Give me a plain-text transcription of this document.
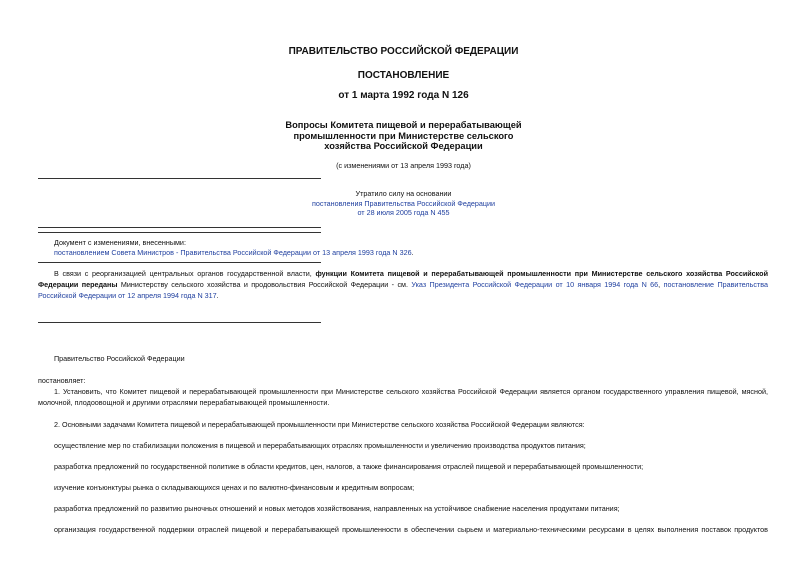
ПРАВИТЕЛЬСТВО РОССИЙСКОЙ ФЕДЕРАЦИИ
ПОСТАНОВЛЕНИЕ
от 1 марта 1992 года N 126
Вопросы Комитета пищевой и перерабатывающей
промышленности при Министерстве сельского
хозяйства Российской Федерации
(с изменениями от 13 апреля 1993 года)
Утратило силу на основании
постановления Правительства Российской Федерации
от 28 июля 2005 года N 455
Документ с изменениями, внесенными:
постановлением Совета Министров - Правительства Российской Федерации от 13 апреля 1993 года N 326.
В связи с реорганизацией центральных органов государственной власти, функции Комитета пищевой и перерабатывающей промышленности при Министерстве сельского хозяйства Российской Федерации переданы Министерству сельского хозяйства и продовольствия Российской Федерации - см. Указ Президента Российской Федерации от 10 января 1994 года N 66, постановление Правительства Российской Федерации от 12 апреля 1994 года N 317.
Правительство Российской Федерации
постановляет:
1. Установить, что Комитет пищевой и перерабатывающей промышленности при Министерстве сельского хозяйства Российской Федерации является органом государственного управления пищевой, мясной, молочной, плодоовощной и другими отраслями перерабатывающей промышленности.
2. Основными задачами Комитета пищевой и перерабатывающей промышленности при Министерстве сельского хозяйства Российской Федерации являются:
осуществление мер по стабилизации положения в пищевой и перерабатывающих отраслях промышленности и увеличению производства продуктов питания;
разработка предложений по государственной политике в области кредитов, цен, налогов, а также финансирования отраслей пищевой и перерабатывающей промышленности;
изучение конъюнктуры рынка о складывающихся ценах и по валютно-финансовым и кредитным вопросам;
разработка предложений по развитию рыночных отношений и новых методов хозяйствования, направленных на устойчивое снабжение населения продуктами питания;
организация государственной поддержки отраслей пищевой и перерабатывающей промышленности в обеспечении сырьем и материально-техническими ресурсами в целях выполнения поставок продуктов
